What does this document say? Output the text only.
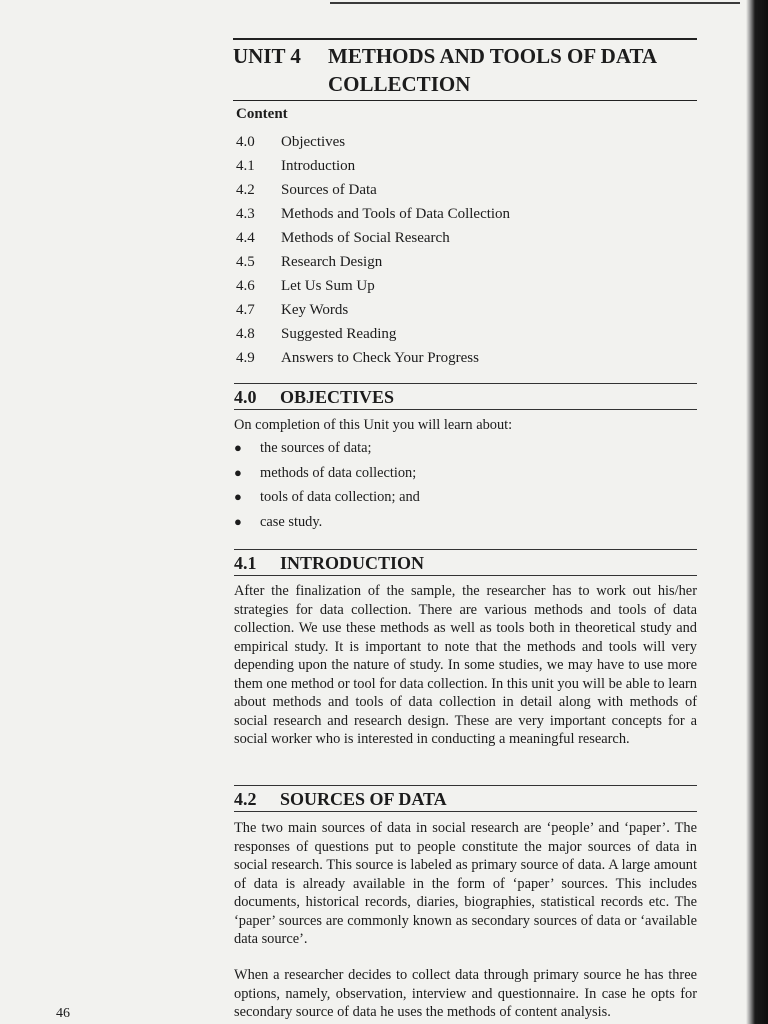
UNIT 4	METHODS AND TOOLS OF DATA
COLLECTION
Content
4.0	Objectives
4.1	Introduction
4.2	Sources of Data
4.3	Methods and Tools of Data Collection
4.4	Methods of Social Research
4.5	Research Design
4.6	Let Us Sum Up
4.7	Key Words
4.8	Suggested Reading
4.9	Answers to Check Your Progress
4.0	OBJECTIVES
On completion of this Unit you will learn about:
●	the sources of data;
●	methods of data collection;
●	tools of data collection; and
●	case study.
4.1	INTRODUCTION
After the finalization of the sample, the researcher has to work out his/her strategies for data collection. There are various methods and tools of data collection. We use these methods as well as tools both in theoretical study and empirical study. It is important to note that the methods and tools will very depending upon the nature of study. In some studies, we may have to use more them one method or tool for data collection. In this unit you will be able to learn about methods and tools of data collection in detail along with methods of social research and research design. These are very important concepts for a social worker who is interested in conducting a meaningful research.
4.2	SOURCES OF DATA
The two main sources of data in social research are ‘people’ and ‘paper’. The responses of questions put to people constitute the major sources of data in social research. This source is labeled as primary source of data. A large amount of data is already available in the form of ‘paper’ sources. This includes documents, historical records, diaries, biographies, statistical records etc. The ‘paper’ sources are commonly known as secondary sources of data or ‘available data source’.
When a researcher decides to collect data through primary source he has three options, namely, observation, interview and questionnaire. In case he opts for secondary source of data he uses the methods of content analysis.
46
